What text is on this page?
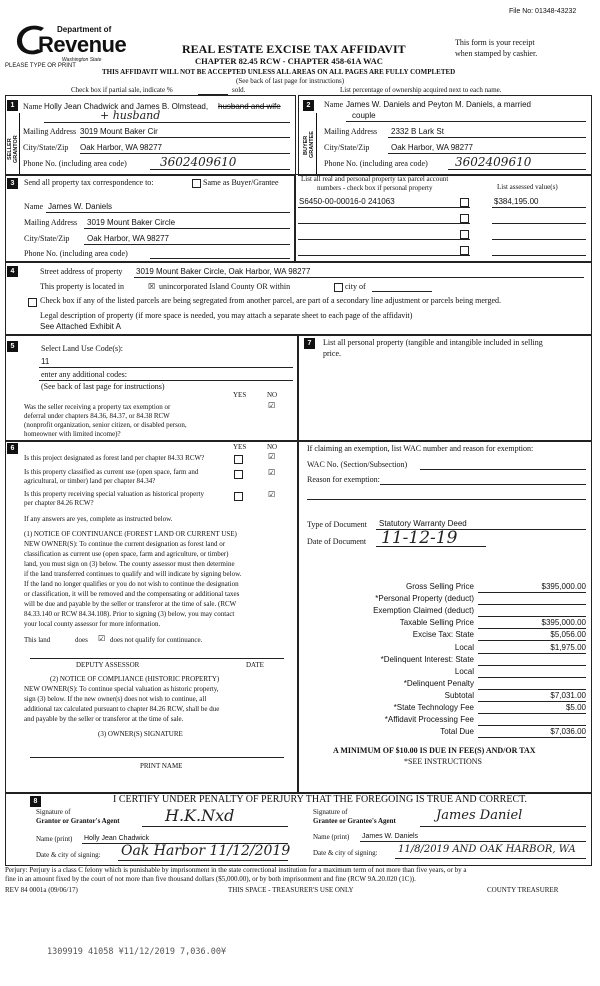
File No: 01348-43232
Department of
Revenue
Washington State
PLEASE TYPE OR PRINT
REAL ESTATE EXCISE TAX AFFIDAVIT
CHAPTER 82.45 RCW - CHAPTER 458-61A WAC
This form is your receipt
when stamped by cashier.
THIS AFFIDAVIT WILL NOT BE ACCEPTED UNLESS ALL AREAS ON ALL PAGES ARE FULLY COMPLETED
(See back of last page for instructions)
Check box if partial sale, indicate %	sold.	List percentage of ownership acquired next to each name.
1
SELLER GRANTOR
Name Holly Jean Chadwick and James B. Olmstead, husband and wife
+ husband
Mailing Address 3019 Mount Baker Cir
City/State/Zip Oak Harbor, WA 98277
Phone No. (including area code)	3602409610
2
BUYER GRANTEE
Name James W. Daniels and Peyton M. Daniels, a married
couple
Mailing Address 2332 B Lark St
City/State/Zip	Oak Harbor, WA 98277
Phone No. (including area code) 3602409610
3	Send all property tax correspondence to:	Same as Buyer/Grantee
Name James W. Daniels
Mailing Address 3019 Mount Baker Circle
City/State/Zip Oak Harbor, WA 98277
Phone No. (including area code)
List all real and personal property tax parcel account
numbers - check box if personal property	List assessed value(s)
S6450-00-00016-0 241063	$384,195.00
4	Street address of property 3019 Mount Baker Circle, Oak Harbor, WA 98277
This property is located in	☒ unincorporated Island County OR within	city of
Check box if any of the listed parcels are being segregated from another parcel, are part of a secondary line adjustment or parcels being merged.
Legal description of property (if more space is needed, you may attach a separate sheet to each page of the affidavit)
See Attached Exhibit A
5	Select Land Use Code(s):
11
enter any additional codes:
(See back of last page for instructions)
YES	NO
Was the seller receiving a property tax exemption or
deferral under chapters 84.36, 84.37, or 84.38 RCW
(nonprofit organization, senior citizen, or disabled person,
homeowner with limited income)?
☑
7	List all personal property (tangible and intangible included in selling
price.
6	YES	NO
Is this project designated as forest land per chapter 84.33 RCW?	☑
Is this property classified as current use (open space, farm and
agricultural, or timber) land per chapter 84.34?
☑
Is this property receiving special valuation as historical property
per chapter 84.26 RCW?
☑
If any answers are yes, complete as instructed below.
(1) NOTICE OF CONTINUANCE (FOREST LAND OR CURRENT USE)
NEW OWNER(S): To continue the current designation as forest land or
classification as current use (open space, farm and agriculture, or timber)
land, you must sign on (3) below. The county assessor must then determine
if the land transferred continues to qualify and will indicate by signing below.
If the land no longer qualifies or you do not wish to continue the designation
or classification, it will be removed and the compensating or additional taxes
will be due and payable by the seller or transferor at the time of sale. (RCW
84.33.140 or RCW 84.34.108). Prior to signing (3) below, you may contact
your local county assessor for more information.
This land	does ☑ does not qualify for continuance.
DEPUTY ASSESSOR	DATE
(2) NOTICE OF COMPLIANCE (HISTORIC PROPERTY)
NEW OWNER(S): To continue special valuation as historic property,
sign (3) below. If the new owner(s) does not wish to continue, all
additional tax calculated pursuant to chapter 84.26 RCW, shall be due
and payable by the seller or transferor at the time of sale.
(3) OWNER(S) SIGNATURE
PRINT NAME
If claiming an exemption, list WAC number and reason for exemption:
WAC No. (Section/Subsection)
Reason for exemption:
Type of Document Statutory Warranty Deed
Date of Document 11-12-19
Gross Selling Price	$395,000.00
*Personal Property (deduct)
Exemption Claimed (deduct)
Taxable Selling Price	$395,000.00
Excise Tax: State	$5,056.00
Local	$1,975.00
*Delinquent Interest: State
Local
*Delinquent Penalty
Subtotal	$7,031.00
*State Technology Fee	$5.00
*Affidavit Processing Fee
Total Due	$7,036.00
A MINIMUM OF $10.00 IS DUE IN FEE(S) AND/OR TAX
*SEE INSTRUCTIONS
8	I CERTIFY UNDER PENALTY OF PERJURY THAT THE FOREGOING IS TRUE AND CORRECT.
Signature of
Grantor or Grantor's Agent	H.K.Nxd	Signature of
Grantee or Grantee's Agent	James Daniel
Name (print) Holly Jean Chadwick	Name (print) James W. Daniels
Date & city of signing: Oak Harbor 11/12/2019	Date & city of signing: 11/8/2019 AND OAK HARBOR, WA
Perjury: Perjury is a class C felony which is punishable by imprisonment in the state correctional institution for a maximum term of not more than five years, or by a
fine in an amount fixed by the court of not more than five thousand dollars ($5,000.00), or by both imprisonment and fine (RCW 9A.20.020 (1C)).
REV 84 0001a (09/06/17)	THIS SPACE - TREASURER'S USE ONLY	COUNTY TREASURER
1309919 41058 ¥11/12/2019 7,036.00¥
